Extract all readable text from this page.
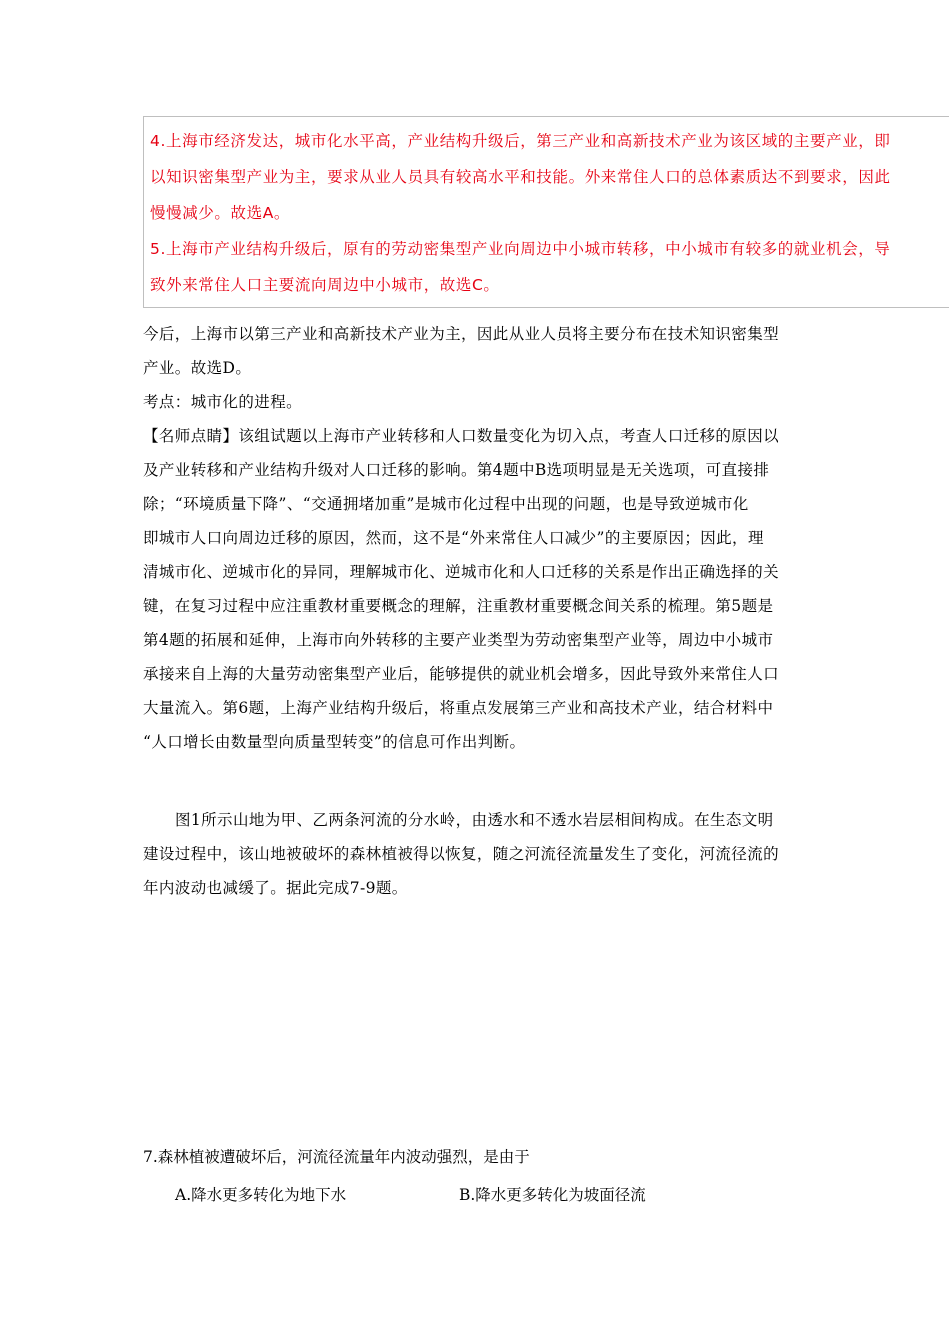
4.上海市经济发达，城市化水平高，产业结构升级后，第三产业和高新技术产业为该区域的主要产业，即

以知识密集型产业为主，要求从业人员具有较高水平和技能。外来常住人口的总体素质达不到要求，因此

慢慢减少。故选A。

5.上海市产业结构升级后，原有的劳动密集型产业向周边中小城市转移，中小城市有较多的就业机会，导

致外来常住人口主要流向周边中小城市，故选C。

今后，上海市以第三产业和高新技术产业为主，因此从业人员将主要分布在技术知识密集型

产业。故选D。

考点：城市化的进程。

【名师点睛】该组试题以上海市产业转移和人口数量变化为切入点，考查人口迁移的原因以

及产业转移和产业结构升级对人口迁移的影响。第4题中B选项明显是无关选项，可直接排

除；“环境质量下降”、“交通拥堵加重”是城市化过程中出现的问题，也是导致逆城市化

即城市人口向周边迁移的原因，然而，这不是“外来常住人口减少”的主要原因；因此，理

清城市化、逆城市化的异同，理解城市化、逆城市化和人口迁移的关系是作出正确选择的关

键，在复习过程中应注重教材重要概念的理解，注重教材重要概念间关系的梳理。第5题是

第4题的拓展和延伸，上海市向外转移的主要产业类型为劳动密集型产业等，周边中小城市

承接来自上海的大量劳动密集型产业后，能够提供的就业机会增多，因此导致外来常住人口

大量流入。第6题，上海产业结构升级后，将重点发展第三产业和高技术产业，结合材料中

“人口增长由数量型向质量型转变”的信息可作出判断。

图1所示山地为甲、乙两条河流的分水岭，由透水和不透水岩层相间构成。在生态文明

建设过程中，该山地被破坏的森林植被得以恢复，随之河流径流量发生了变化，河流径流的

年内波动也减缓了。据此完成7-9题。

7.森林植被遭破坏后，河流径流量年内波动强烈，是由于
A.降水更多转化为地下水	B.降水更多转化为坡面径流
